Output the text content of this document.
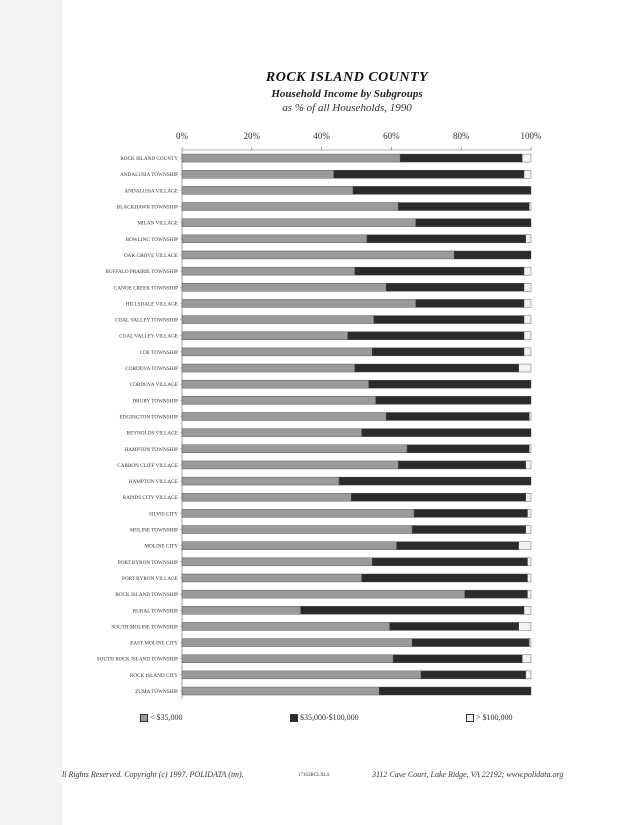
ROCK ISLAND COUNTY
Household Income by Subgroups
as % of all Households, 1990
0%	20%	40%	60%	80%	100%
ROCK ISLAND COUNTY
ANDALUSIA TOWNSHIP
ANDALUSIA VILLAGE
BLACKHAWK TOWNSHIP
MILAN VILLAGE
BOWLING TOWNSHIP
OAK GROVE VILLAGE
BUFFALO PRAIRIE TOWNSHIP
CANOE CREEK TOWNSHIP
HILLSDALE VILLAGE
COAL VALLEY TOWNSHIP
COAL VALLEY VILLAGE
COE TOWNSHIP
CORDOVA TOWNSHIP
CORDOVA VILLAGE
DRURY TOWNSHIP
EDGINGTON TOWNSHIP
REYNOLDS VILLAGE
HAMPTON TOWNSHIP
CARBON CLIFF VILLAGE
HAMPTON VILLAGE
RAPIDS CITY VILLAGE
SILVIS CITY
MOLINE TOWNSHIP
MOLINE CITY
PORT BYRON TOWNSHIP
PORT BYRON VILLAGE
ROCK ISLAND TOWNSHIP
RURAL TOWNSHIP
SOUTH MOLINE TOWNSHIP
EAST MOLINE CITY
SOUTH ROCK ISLAND TOWNSHIP
ROCK ISLAND CITY
ZUMA TOWNSHIP
< $35,000	$35,000-$100,000	> $100,000
ll Rights Reserved. Copyright (c) 1997. POLIDATA (tm).	17163RCI.XLS	3112 Cave Court, Lake Ridge, VA 22192; www.polidata.org
